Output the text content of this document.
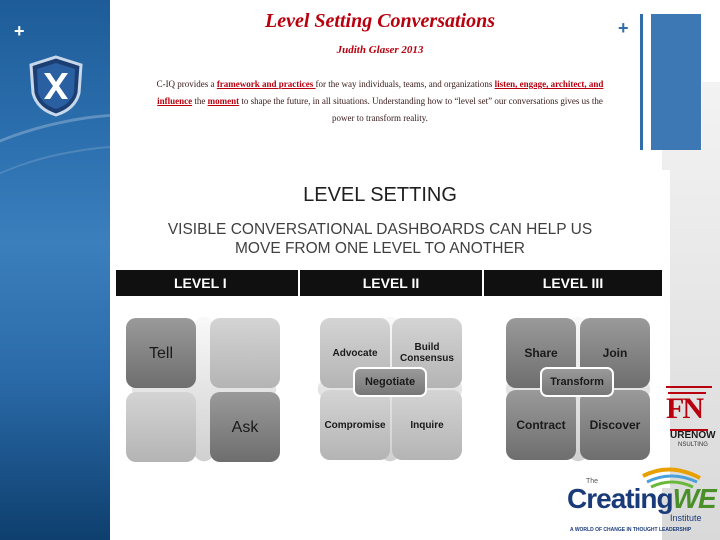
+	+
Level Setting Conversations
Judith Glaser 2013
C-IQ provides a framework and practices for the way individuals, teams, and organizations listen, engage, architect, and influence the moment to shape the future, in all situations. Understanding how to “level set” our conversations gives us the power to transform reality.
LEVEL SETTING
VISIBLE CONVERSATIONAL DASHBOARDS CAN HELP US
MOVE FROM ONE LEVEL TO ANOTHER
LEVEL I	LEVEL II	LEVEL III
Tell
Ask
Advocate	Build Consensus
Compromise	Inquire
Negotiate
Share	Join
Contract	Discover
Transform
FN
URENOW
NSULTING
The
CreatingWE
Institute
A WORLD OF CHANGE IN THOUGHT LEADERSHIP
